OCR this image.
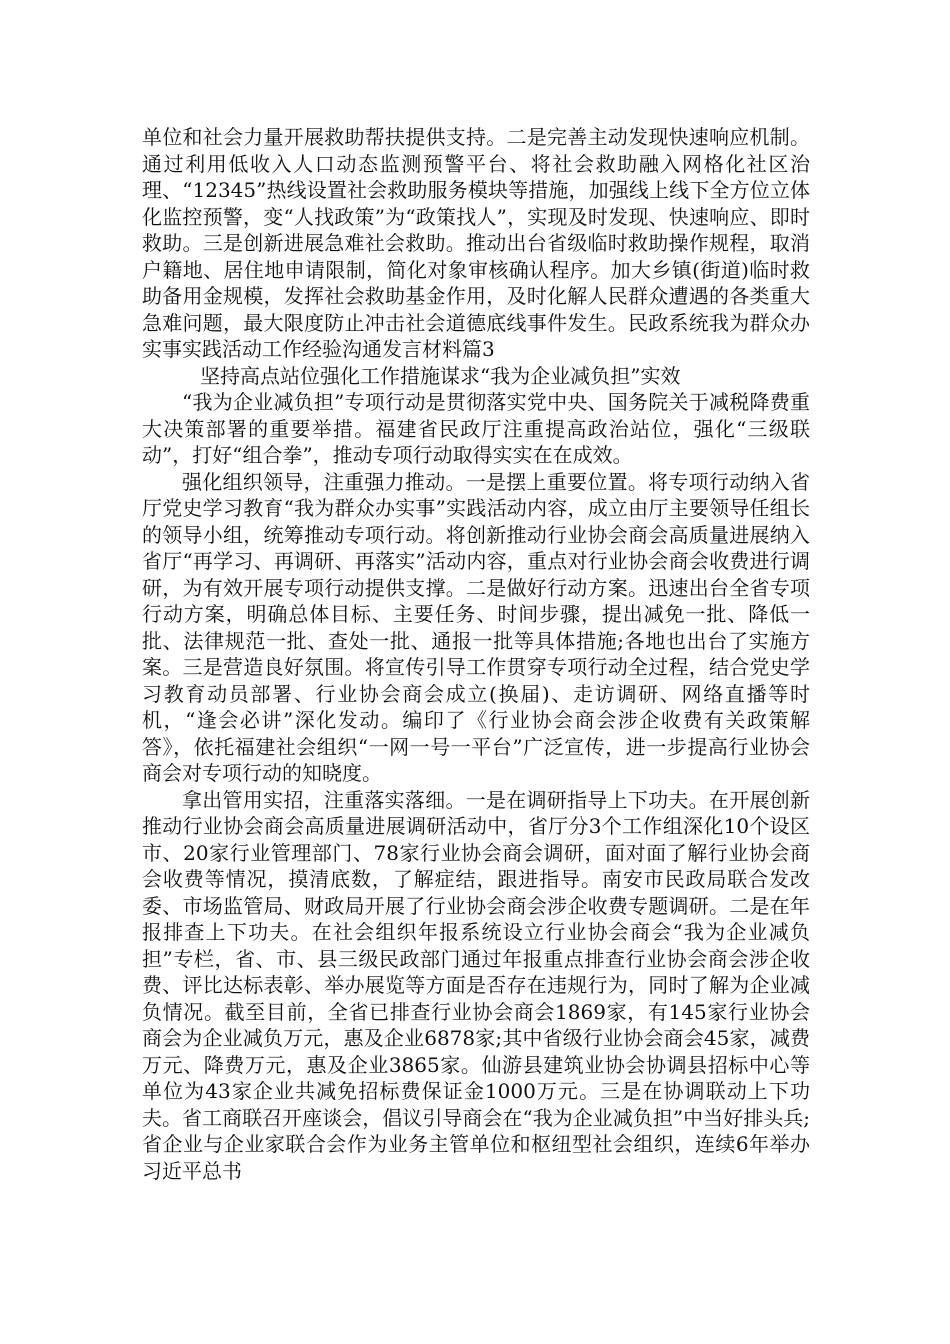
单位和社会力量开展救助帮扶提供支持。二是完善主动发现快速响应机制。通过利用低收入人口动态监测预警平台、将社会救助融入网格化社区治理、“12345”热线设置社会救助服务模块等措施，加强线上线下全方位立体化监控预警，变“人找政策”为“政策找人”，实现及时发现、快速响应、即时救助。三是创新进展急难社会救助。推动出台省级临时救助操作规程，取消户籍地、居住地申请限制，简化对象审核确认程序。加大乡镇(街道)临时救助备用金规模，发挥社会救助基金作用，及时化解人民群众遭遇的各类重大急难问题，最大限度防止冲击社会道德底线事件发生。民政系统我为群众办实事实践活动工作经验沟通发言材料篇3

坚持高点站位强化工作措施谋求“我为企业减负担”实效

“我为企业减负担”专项行动是贯彻落实党中央、国务院关于减税降费重大决策部署的重要举措。福建省民政厅注重提高政治站位，强化“三级联动”，打好“组合拳”，推动专项行动取得实实在在成效。

强化组织领导，注重强力推动。一是摆上重要位置。将专项行动纳入省厅党史学习教育“我为群众办实事”实践活动内容，成立由厅主要领导任组长的领导小组，统筹推动专项行动。将创新推动行业协会商会高质量进展纳入省厅“再学习、再调研、再落实”活动内容，重点对行业协会商会收费进行调研，为有效开展专项行动提供支撑。二是做好行动方案。迅速出台全省专项行动方案，明确总体目标、主要任务、时间步骤，提出减免一批、降低一批、法律规范一批、查处一批、通报一批等具体措施;各地也出台了实施方案。三是营造良好氛围。将宣传引导工作贯穿专项行动全过程，结合党史学习教育动员部署、行业协会商会成立(换届)、走访调研、网络直播等时机，“逢会必讲”深化发动。编印了《行业协会商会涉企收费有关政策解答》，依托福建社会组织“一网一号一平台”广泛宣传，进一步提高行业协会商会对专项行动的知晓度。

拿出管用实招，注重落实落细。一是在调研指导上下功夫。在开展创新推动行业协会商会高质量进展调研活动中，省厅分3个工作组深化10个设区市、20家行业管理部门、78家行业协会商会调研，面对面了解行业协会商会收费等情况，摸清底数，了解症结，跟进指导。南安市民政局联合发改委、市场监管局、财政局开展了行业协会商会涉企收费专题调研。二是在年报排查上下功夫。在社会组织年报系统设立行业协会商会“我为企业减负担”专栏，省、市、县三级民政部门通过年报重点排查行业协会商会涉企收费、评比达标表彰、举办展览等方面是否存在违规行为，同时了解为企业减负情况。截至目前，全省已排查行业协会商会1869家，有145家行业协会商会为企业减负万元，惠及企业6878家;其中省级行业协会商会45家，减费万元、降费万元，惠及企业3865家。仙游县建筑业协会协调县招标中心等单位为43家企业共减免招标费保证金1000万元。三是在协调联动上下功夫。省工商联召开座谈会，倡议引导商会在“我为企业减负担”中当好排头兵;省企业与企业家联合会作为业务主管单位和枢纽型社会组织，连续6年举办习近平总书
